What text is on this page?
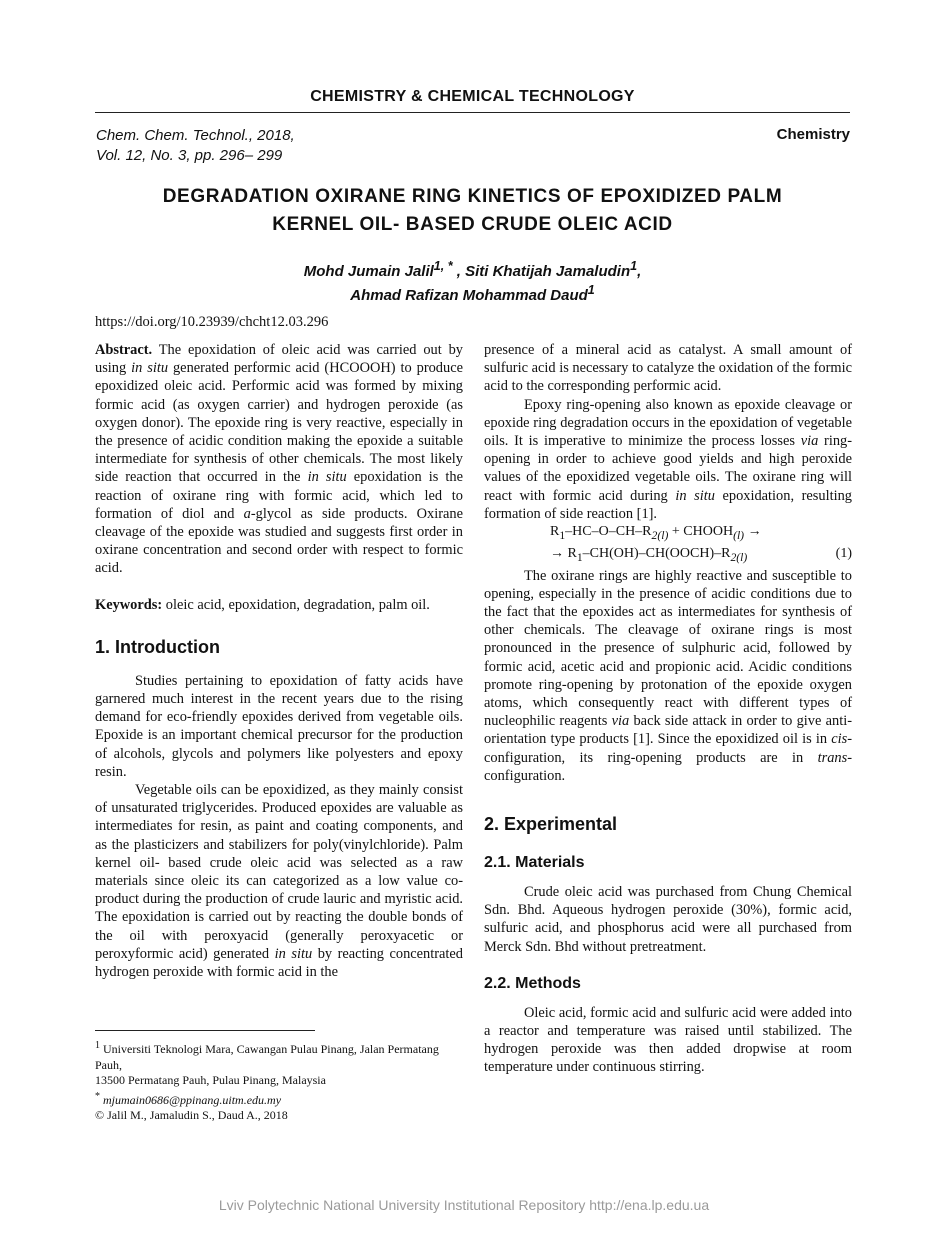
CHEMISTRY & CHEMICAL TECHNOLOGY
Chem. Chem. Technol., 2018,
Vol. 12, No. 3, pp. 296– 299
Chemistry
DEGRADATION OXIRANE RING KINETICS OF EPOXIDIZED PALM
KERNEL OIL- BASED CRUDE OLEIC ACID
Mohd Jumain Jalil$^{1, *}$ , Siti Khatijah Jamaludin$^1$,
Ahmad Rafizan Mohammad Daud$^1$
https://doi.org/10.23939/chcht12.03.296

Abstract. The epoxidation of oleic acid was carried out by using in situ generated performic acid (HCOOOH) to produce epoxidized oleic acid. Performic acid was formed by mixing formic acid (as oxygen carrier) and hydrogen peroxide (as oxygen donor). The epoxide ring is very reactive, especially in the presence of acidic condition making the epoxide a suitable intermediate for synthesis of other chemicals. The most likely side reaction that occurred in the in situ epoxidation is the reaction of oxirane ring with formic acid, which led to formation of diol and a-glycol as side products. Oxirane cleavage of the epoxide was studied and suggests first order in oxirane concentration and second order with respect to formic acid.

Keywords: oleic acid, epoxidation, degradation, palm oil.

1. Introduction

Studies pertaining to epoxidation of fatty acids have garnered much interest in the recent years due to the rising demand for eco-friendly epoxides derived from vegetable oils. Epoxide is an important chemical precursor for the production of alcohols, glycols and polymers like polyesters and epoxy resin.

Vegetable oils can be epoxidized, as they mainly consist of unsaturated triglycerides. Produced epoxides are valuable as intermediates for resin, as paint and coating components, and as the plasticizers and stabilizers for poly(vinylchloride). Palm kernel oil- based crude oleic acid was selected as a raw materials since oleic its can categorized as a low value co-product during the production of crude lauric and myristic acid. The epoxidation is carried out by reacting the double bonds of the oil with peroxyacid (generally peroxyacetic or peroxyformic acid) generated in situ by reacting concentrated hydrogen peroxide with formic acid in the

$^1$ Universiti Teknologi Mara, Cawangan Pulau Pinang, Jalan Permatang Pauh,
13500 Permatang Pauh, Pulau Pinang, Malaysia
* mjumain0686@ppinang.uitm.edu.my
© Jalil M., Jamaludin S., Daud A., 2018

presence of a mineral acid as catalyst. A small amount of sulfuric acid is necessary to catalyze the oxidation of the formic acid to the corresponding performic acid.

Epoxy ring-opening also known as epoxide cleavage or epoxide ring degradation occurs in the epoxidation of vegetable oils. It is imperative to minimize the process losses via ring-opening in order to achieve good yields and high peroxide values of the epoxidized vegetable oils. The oxirane ring will react with formic acid during in situ epoxidation, resulting formation of side reaction [1].

$R_1-HC-O-CH-R_{2(l)}$ + $CHOOH_{(l)}$ →
→ $R_1-CH(OH)-CH(OOCH)-R_{2(l)}$	(1)

The oxirane rings are highly reactive and susceptible to opening, especially in the presence of acidic conditions due to the fact that the epoxides act as intermediates for synthesis of other chemicals. The cleavage of oxirane rings is most pronounced in the presence of sulphuric acid, followed by formic acid, acetic acid and propionic acid. Acidic conditions promote ring-opening by protonation of the epoxide oxygen atoms, which consequently react with different types of nucleophilic reagents via back side attack in order to give anti-orientation type products [1]. Since the epoxidized oil is in cis-configuration, its ring-opening products are in trans-configuration.

2. Experimental
2.1. Materials

Crude oleic acid was purchased from Chung Chemical Sdn. Bhd. Aqueous hydrogen peroxide (30%), formic acid, sulfuric acid, and phosphorus acid were all purchased from Merck Sdn. Bhd without pretreatment.

2.2. Methods

Oleic acid, formic acid and sulfuric acid were added into a reactor and temperature was raised until stabilized. The hydrogen peroxide was then added dropwise at room temperature under continuous stirring.

Lviv Polytechnic National University Institutional Repository http://ena.lp.edu.ua
